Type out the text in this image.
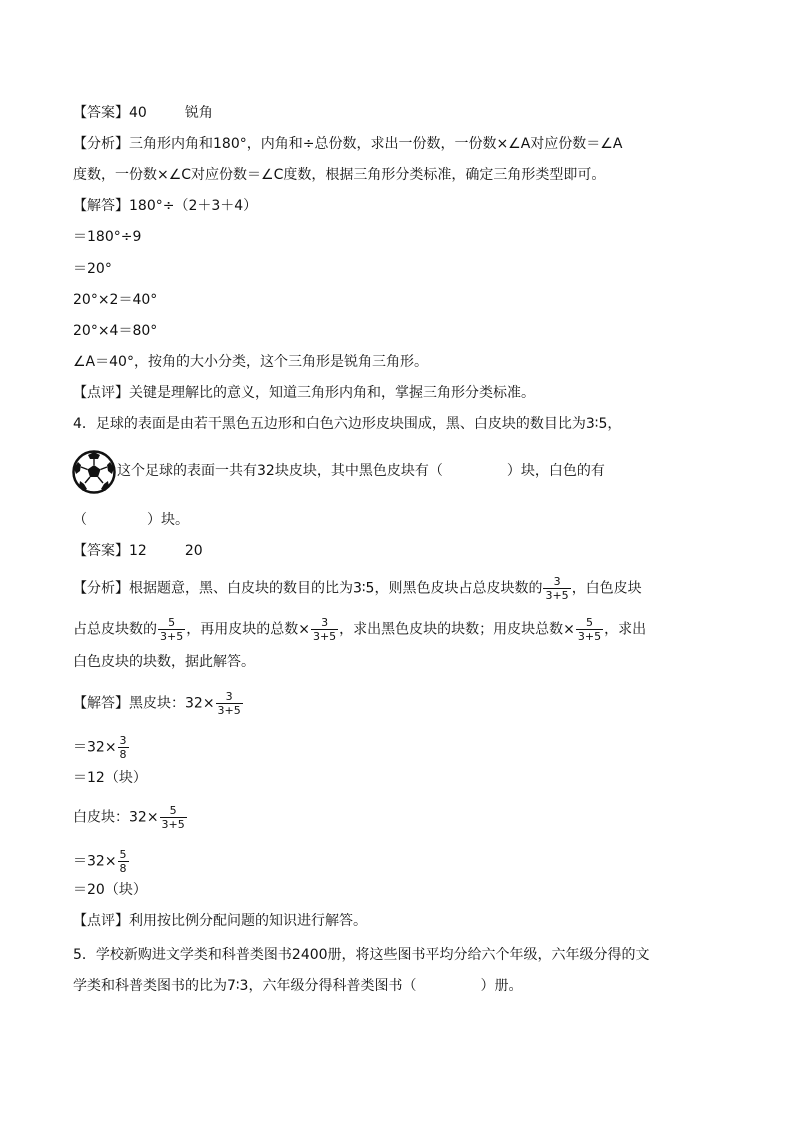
【答案】40	锐角
【分析】三角形内角和180°，内角和÷总份数，求出一份数，一份数×∠A对应份数＝∠A
度数，一份数×∠C对应份数＝∠C度数，根据三角形分类标准，确定三角形类型即可。
【解答】180°÷（2＋3＋4）
＝180°÷9
＝20°
20°×2＝40°
20°×4＝80°
∠A＝40°，按角的大小分类，这个三角形是锐角三角形。
【点评】关键是理解比的意义，知道三角形内角和，掌握三角形分类标准。
4．足球的表面是由若干黑色五边形和白色六边形皮块围成，黑、白皮块的数目比为3∶5，
这个足球的表面一共有32块皮块，其中黑色皮块有（	）块，白色的有
（	）块。
【答案】12	20
【分析】根据题意，黑、白皮块的数目的比为3∶5，则黑色皮块占总皮块数的 $\frac{3}{3+5}$ ，白色皮块
占总皮块数的 $\frac{5}{3+5}$ ，再用皮块的总数× $\frac{3}{3+5}$ ，求出黑色皮块的块数；用皮块总数× $\frac{5}{3+5}$ ，求出
白色皮块的块数，据此解答。
【解答】黑皮块：$32\times \frac{3}{3+5}$
$=32\times \frac{3}{8}$
＝12（块）
白皮块：$32\times \frac{5}{3+5}$
$=32\times \frac{5}{8}$
＝20（块）
【点评】利用按比例分配问题的知识进行解答。
5．学校新购进文学类和科普类图书2400册，将这些图书平均分给六个年级，六年级分得的文
学类和科普类图书的比为7∶3，六年级分得科普类图书（	）册。
